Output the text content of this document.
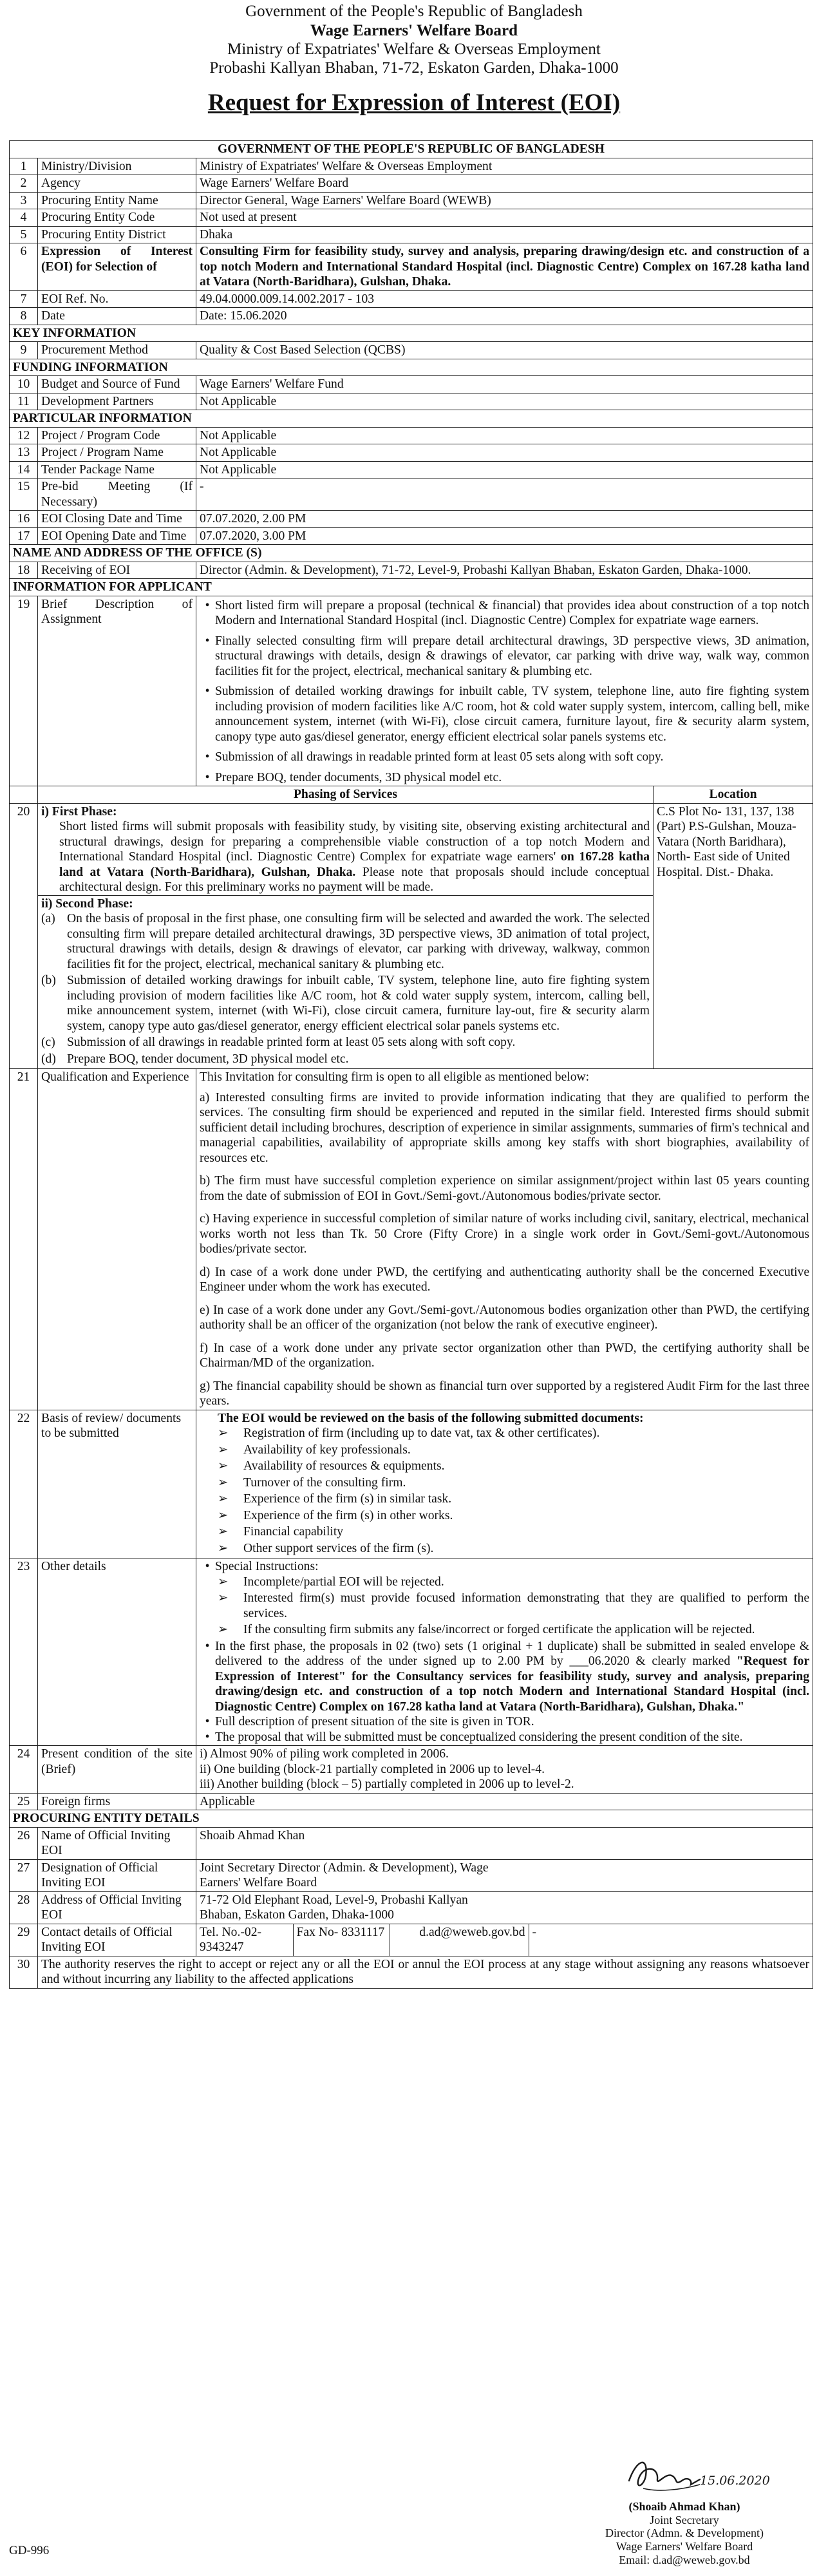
Government of the People's Republic of Bangladesh
Wage Earners' Welfare Board
Ministry of Expatriates' Welfare & Overseas Employment
Probashi Kallyan Bhaban, 71-72, Eskaton Garden, Dhaka-1000
Request for Expression of Interest (EOI)
GOVERNMENT OF THE PEOPLE'S REPUBLIC OF BANGLADESH
1	Ministry/Division	Ministry of Expatriates' Welfare & Overseas Employment
2	Agency	Wage Earners' Welfare Board
3	Procuring Entity Name	Director General, Wage Earners' Welfare Board (WEWB)
4	Procuring Entity Code	Not used at present
5	Procuring Entity District	Dhaka
6	Expression of Interest (EOI) for Selection of	Consulting Firm for feasibility study, survey and analysis, preparing drawing/design etc. and construction of a top notch Modern and International Standard Hospital (incl. Diagnostic Centre) Complex on 167.28 katha land at Vatara (North-Baridhara), Gulshan, Dhaka.
7	EOI Ref. No.	49.04.0000.009.14.002.2017 - 103
8	Date	Date: 15.06.2020
KEY INFORMATION
9	Procurement Method	Quality & Cost Based Selection (QCBS)
FUNDING INFORMATION
10	Budget and Source of Fund	Wage Earners' Welfare Fund
11	Development Partners	Not Applicable
PARTICULAR INFORMATION
12	Project / Program Code	Not Applicable
13	Project / Program Name	Not Applicable
14	Tender Package Name	Not Applicable
15	Pre-bid Meeting (If Necessary)	-
16	EOI Closing Date and Time	07.07.2020, 2.00 PM
17	EOI Opening Date and Time	07.07.2020, 3.00 PM
NAME AND ADDRESS OF THE OFFICE (S)
18	Receiving of EOI	Director (Admin. & Development), 71-72, Level-9, Probashi Kallyan Bhaban, Eskaton Garden, Dhaka-1000.
INFORMATION FOR APPLICANT
19	Brief Description of Assignment	
• Short listed firm will prepare a proposal (technical & financial) that provides idea about construction of a top notch Modern and International Standard Hospital (incl. Diagnostic Centre) Complex for expatriate wage earners.
• Finally selected consulting firm will prepare detail architectural drawings, 3D perspective views, 3D animation, structural drawings with details, design & drawings of elevator, car parking with drive way, walk way, common facilities fit for the project, electrical, mechanical sanitary & plumbing etc.
• Submission of detailed working drawings for inbuilt cable, TV system, telephone line, auto fire fighting system including provision of modern facilities like A/C room, hot & cold water supply system, intercom, calling bell, mike announcement system, internet (with Wi-Fi), close circuit camera, furniture layout, fire & security alarm system, canopy type auto gas/diesel generator, energy efficient electrical solar panels systems etc.
• Submission of all drawings in readable printed form at least 05 sets along with soft copy.
• Prepare BOQ, tender documents, 3D physical model etc.

	Phasing of Services	Location
20	i) First Phase:
Short listed firms will submit proposals with feasibility study, by visiting site, observing existing architectural and structural drawings, design for preparing a comprehensible viable construction of a top notch Modern and International Standard Hospital (incl. Diagnostic Centre) Complex for expatriate wage earners' on 167.28 katha land at Vatara (North-Baridhara), Gulshan, Dhaka. Please note that proposals should include conceptual architectural design. For this preliminary works no payment will be made.
ii) Second Phase:
(a) On the basis of proposal in the first phase, one consulting firm will be selected and awarded the work. The selected consulting firm will prepare detailed architectural drawings, 3D perspective views, 3D animation of total project, structural drawings with details, design & drawings of elevator, car parking with driveway, walkway, common facilities fit for the project, electrical, mechanical sanitary & plumbing etc.
(b) Submission of detailed working drawings for inbuilt cable, TV system, telephone line, auto fire fighting system including provision of modern facilities like A/C room, hot & cold water supply system, intercom, calling bell, mike announcement system, internet (with Wi-Fi), close circuit camera, furniture lay-out, fire & security alarm system, canopy type auto gas/diesel generator, energy efficient electrical solar panels systems etc.
(c) Submission of all drawings in readable printed form at least 05 sets along with soft copy.
(d) Prepare BOQ, tender document, 3D physical model etc.
	C.S Plot No- 131, 137, 138 (Part) P.S-Gulshan, Mouza- Vatara (North Baridhara), North- East side of United Hospital. Dist.- Dhaka.
21	Qualification and Experience	This Invitation for consulting firm is open to all eligible as mentioned below:

a) Interested consulting firms are invited to provide information indicating that they are qualified to perform the services. The consulting firm should be experienced and reputed in the similar field. Interested firms should submit sufficient detail including brochures, description of experience in similar assignments, summaries of firm's technical and managerial capabilities, availability of appropriate skills among key staffs with short biographies, availability of resources etc.

b) The firm must have successful completion experience on similar assignment/project within last 05 years counting from the date of submission of EOI in Govt./Semi-govt./Autonomous bodies/private sector.

c) Having experience in successful completion of similar nature of works including civil, sanitary, electrical, mechanical works worth not less than Tk. 50 Crore (Fifty Crore) in a single work order in Govt./Semi-govt./Autonomous bodies/private sector.

d) In case of a work done under PWD, the certifying and authenticating authority shall be the concerned Executive Engineer under whom the work has executed.

e) In case of a work done under any Govt./Semi-govt./Autonomous bodies organization other than PWD, the certifying authority shall be an officer of the organization (not below the rank of executive engineer).

f) In case of a work done under any private sector organization other than PWD, the certifying authority shall be Chairman/MD of the organization.

g) The financial capability should be shown as financial turn over supported by a registered Audit Firm for the last three years.

22	Basis of review/ documents to be submitted	
The EOI would be reviewed on the basis of the following submitted documents:
➢	Registration of firm (including up to date vat, tax & other certificates).
➢	Availability of key professionals.
➢	Availability of resources & equipments.
➢	Turnover of the consulting firm.
➢	Experience of the firm (s) in similar task.
➢	Experience of the firm (s) in other works.
➢	Financial capability
➢	Other support services of the firm (s).

23	Other details	• Special Instructions:
➢	Incomplete/partial EOI will be rejected.
➢	Interested firm(s) must provide focused information demonstrating that they are qualified to perform the services.
➢	If the consulting firm submits any false/incorrect or forged certificate the application will be rejected.
• In the first phase, the proposals in 02 (two) sets (1 original + 1 duplicate) shall be submitted in sealed envelope & delivered to the address of the under signed up to 2.00 PM by ___06.2020 & clearly marked "Request for Expression of Interest" for the Consultancy services for feasibility study, survey and analysis, preparing drawing/design etc. and construction of a top notch Modern and International Standard Hospital (incl. Diagnostic Centre) Complex on 167.28 katha land at Vatara (North-Baridhara), Gulshan, Dhaka."
• Full description of present situation of the site is given in TOR.
• The proposal that will be submitted must be conceptualized considering the present condition of the site.

24	Present condition of the site (Brief)	
i) Almost 90% of piling work completed in 2006.
ii) One building (block-21 partially completed in 2006 up to level-4.
iii) Another building (block – 5) partially completed in 2006 up to level-2.

25	Foreign firms	Applicable
PROCURING ENTITY DETAILS
26	Name of Official Inviting EOI	Shoaib Ahmad Khan
27	Designation of Official Inviting EOI	
Joint Secretary Director (Admin. & Development), Wage Earners' Welfare Board

28	Address of Official Inviting EOI	
71-72 Old Elephant Road, Level-9, Probashi Kallyan Bhaban, Eskaton Garden, Dhaka-1000

29	Contact details of Official Inviting EOI	
Tel. No.-02-9343247	Fax No- 8331117	d.ad@weweb.gov.bd	-

30	The authority reserves the right to accept or reject any or all the EOI or annul the EOI process at any stage without assigning any reasons whatsoever and without incurring any liability to the affected applications
15.06.2020
(Shoaib Ahmad Khan)
Joint Secretary
Director (Admn. & Development)
Wage Earners' Welfare Board
Email: d.ad@weweb.gov.bd
GD-996
